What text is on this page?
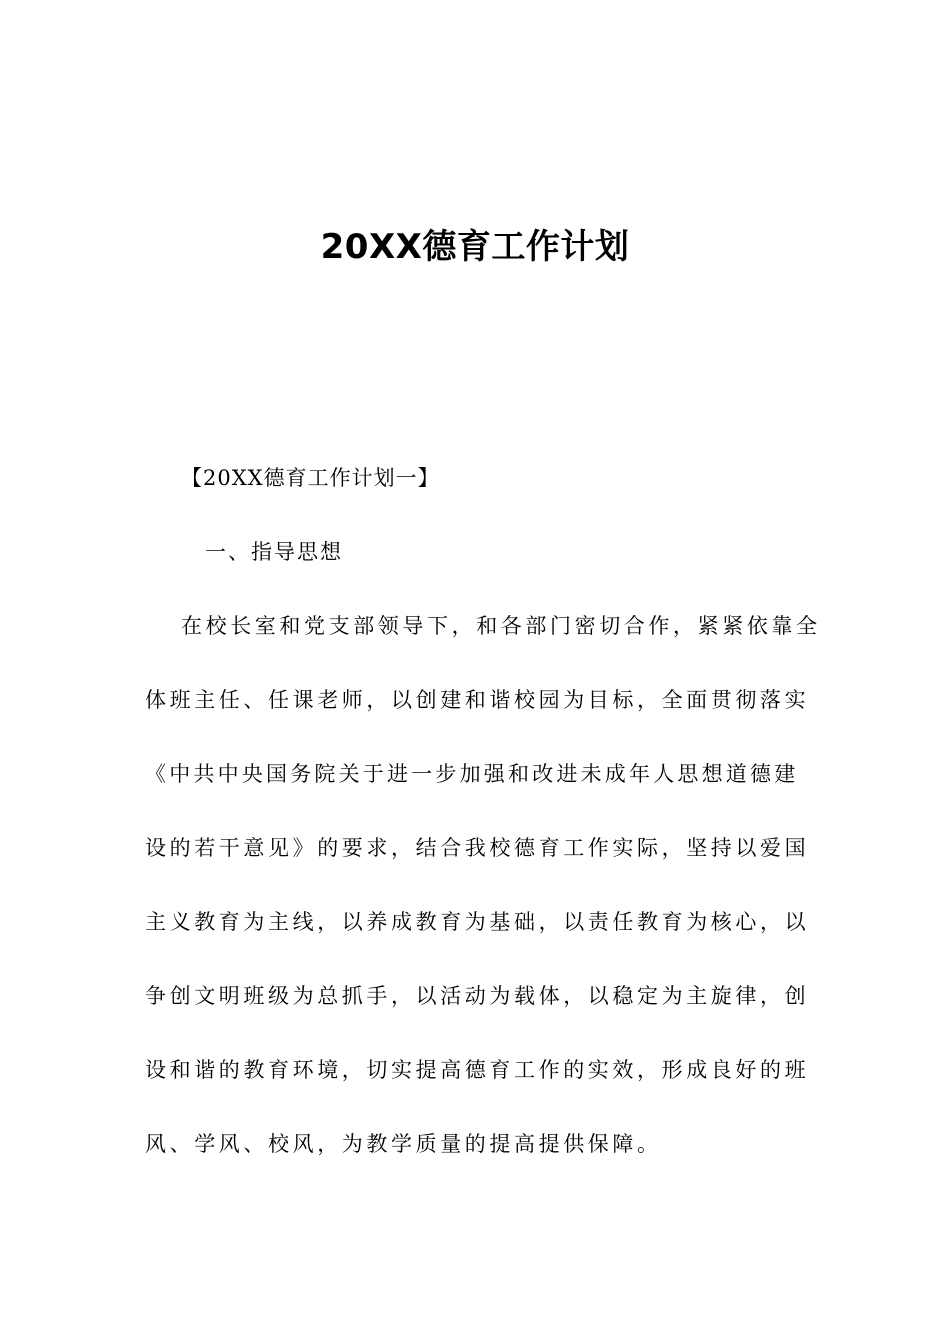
20XX德育工作计划
【20XX德育工作计划一】
一、指导思想
在校长室和党支部领导下，和各部门密切合作，紧紧依靠全
体班主任、任课老师，以创建和谐校园为目标，全面贯彻落实
《中共中央国务院关于进一步加强和改进未成年人思想道德建
设的若干意见》的要求，结合我校德育工作实际，坚持以爱国
主义教育为主线，以养成教育为基础，以责任教育为核心，以
争创文明班级为总抓手，以活动为载体，以稳定为主旋律，创
设和谐的教育环境，切实提高德育工作的实效，形成良好的班
风、学风、校风，为教学质量的提高提供保障。
